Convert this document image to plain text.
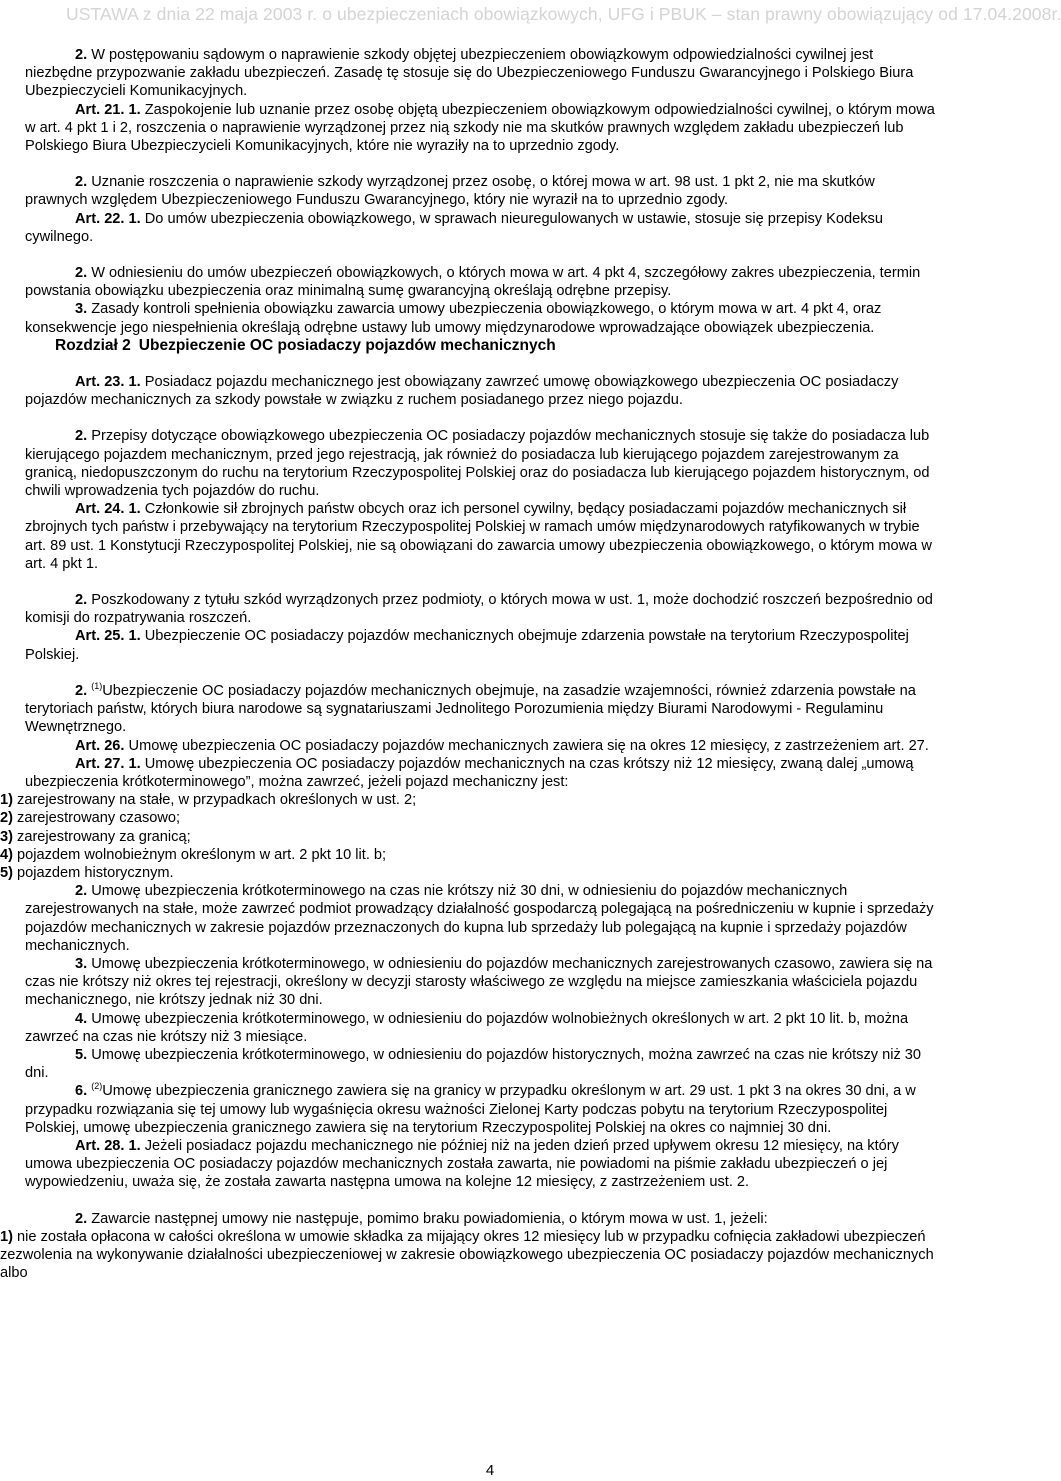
USTAWA z dnia 22 maja 2003 r. o ubezpieczeniach obowiązkowych, UFG i PBUK – stan prawny obowiązujący od 17.04.2008r.

2. W postępowaniu sądowym o naprawienie szkody objętej ubezpieczeniem obowiązkowym odpowiedzialności cywilnej jest niezbędne przypozwanie zakładu ubezpieczeń. Zasadę tę stosuje się do Ubezpieczeniowego Funduszu Gwarancyjnego i Polskiego Biura Ubezpieczycieli Komunikacyjnych.

Art. 21. 1. Zaspokojenie lub uznanie przez osobę objętą ubezpieczeniem obowiązkowym odpowiedzialności cywilnej, o którym mowa w art. 4 pkt 1 i 2, roszczenia o naprawienie wyrządzonej przez nią szkody nie ma skutków prawnych względem zakładu ubezpieczeń lub Polskiego Biura Ubezpieczycieli Komunikacyjnych, które nie wyraziły na to uprzednio zgody.

2. Uznanie roszczenia o naprawienie szkody wyrządzonej przez osobę, o której mowa w art. 98 ust. 1 pkt 2, nie ma skutków prawnych względem Ubezpieczeniowego Funduszu Gwarancyjnego, który nie wyraził na to uprzednio zgody.

Art. 22. 1. Do umów ubezpieczenia obowiązkowego, w sprawach nieuregulowanych w ustawie, stosuje się przepisy Kodeksu cywilnego.

2. W odniesieniu do umów ubezpieczeń obowiązkowych, o których mowa w art. 4 pkt 4, szczegółowy zakres ubezpieczenia, termin powstania obowiązku ubezpieczenia oraz minimalną sumę gwarancyjną określają odrębne przepisy.

3. Zasady kontroli spełnienia obowiązku zawarcia umowy ubezpieczenia obowiązkowego, o którym mowa w art. 4 pkt 4, oraz konsekwencje jego niespełnienia określają odrębne ustawy lub umowy międzynarodowe wprowadzające obowiązek ubezpieczenia.

Rozdział 2 Ubezpieczenie OC posiadaczy pojazdów mechanicznych

Art. 23. 1. Posiadacz pojazdu mechanicznego jest obowiązany zawrzeć umowę obowiązkowego ubezpieczenia OC posiadaczy pojazdów mechanicznych za szkody powstałe w związku z ruchem posiadanego przez niego pojazdu.

2. Przepisy dotyczące obowiązkowego ubezpieczenia OC posiadaczy pojazdów mechanicznych stosuje się także do posiadacza lub kierującego pojazdem mechanicznym, przed jego rejestracją, jak również do posiadacza lub kierującego pojazdem zarejestrowanym za granicą, niedopuszczonym do ruchu na terytorium Rzeczypospolitej Polskiej oraz do posiadacza lub kierującego pojazdem historycznym, od chwili wprowadzenia tych pojazdów do ruchu.

Art. 24. 1. Członkowie sił zbrojnych państw obcych oraz ich personel cywilny, będący posiadaczami pojazdów mechanicznych sił zbrojnych tych państw i przebywający na terytorium Rzeczypospolitej Polskiej w ramach umów międzynarodowych ratyfikowanych w trybie art. 89 ust. 1 Konstytucji Rzeczypospolitej Polskiej, nie są obowiązani do zawarcia umowy ubezpieczenia obowiązkowego, o którym mowa w art. 4 pkt 1.

2. Poszkodowany z tytułu szkód wyrządzonych przez podmioty, o których mowa w ust. 1, może dochodzić roszczeń bezpośrednio od komisji do rozpatrywania roszczeń.

Art. 25. 1. Ubezpieczenie OC posiadaczy pojazdów mechanicznych obejmuje zdarzenia powstałe na terytorium Rzeczypospolitej Polskiej.

2. $^{(1)}$Ubezpieczenie OC posiadaczy pojazdów mechanicznych obejmuje, na zasadzie wzajemności, również zdarzenia powstałe na terytoriach państw, których biura narodowe są sygnatariuszami Jednolitego Porozumienia między Biurami Narodowymi - Regulaminu Wewnętrznego.

Art. 26. Umowę ubezpieczenia OC posiadaczy pojazdów mechanicznych zawiera się na okres 12 miesięcy, z zastrzeżeniem art. 27.

Art. 27. 1. Umowę ubezpieczenia OC posiadaczy pojazdów mechanicznych na czas krótszy niż 12 miesięcy, zwaną dalej „umową ubezpieczenia krótkoterminowego”, można zawrzeć, jeżeli pojazd mechaniczny jest:

1) zarejestrowany na stałe, w przypadkach określonych w ust. 2;

2) zarejestrowany czasowo;

3) zarejestrowany za granicą;

4) pojazdem wolnobieżnym określonym w art. 2 pkt 10 lit. b;

5) pojazdem historycznym.

2. Umowę ubezpieczenia krótkoterminowego na czas nie krótszy niż 30 dni, w odniesieniu do pojazdów mechanicznych zarejestrowanych na stałe, może zawrzeć podmiot prowadzący działalność gospodarczą polegającą na pośredniczeniu w kupnie i sprzedaży pojazdów mechanicznych w zakresie pojazdów przeznaczonych do kupna lub sprzedaży lub polegającą na kupnie i sprzedaży pojazdów mechanicznych.

3. Umowę ubezpieczenia krótkoterminowego, w odniesieniu do pojazdów mechanicznych zarejestrowanych czasowo, zawiera się na czas nie krótszy niż okres tej rejestracji, określony w decyzji starosty właściwego ze względu na miejsce zamieszkania właściciela pojazdu mechanicznego, nie krótszy jednak niż 30 dni.

4. Umowę ubezpieczenia krótkoterminowego, w odniesieniu do pojazdów wolnobieżnych określonych w art. 2 pkt 10 lit. b, można zawrzeć na czas nie krótszy niż 3 miesiące.

5. Umowę ubezpieczenia krótkoterminowego, w odniesieniu do pojazdów historycznych, można zawrzeć na czas nie krótszy niż 30 dni.

6. $^{(2)}$Umowę ubezpieczenia granicznego zawiera się na granicy w przypadku określonym w art. 29 ust. 1 pkt 3 na okres 30 dni, a w przypadku rozwiązania się tej umowy lub wygaśnięcia okresu ważności Zielonej Karty podczas pobytu na terytorium Rzeczypospolitej Polskiej, umowę ubezpieczenia granicznego zawiera się na terytorium Rzeczypospolitej Polskiej na okres co najmniej 30 dni.

Art. 28. 1. Jeżeli posiadacz pojazdu mechanicznego nie później niż na jeden dzień przed upływem okresu 12 miesięcy, na który umowa ubezpieczenia OC posiadaczy pojazdów mechanicznych została zawarta, nie powiadomi na piśmie zakładu ubezpieczeń o jej wypowiedzeniu, uważa się, że została zawarta następna umowa na kolejne 12 miesięcy, z zastrzeżeniem ust. 2.

2. Zawarcie następnej umowy nie następuje, pomimo braku powiadomienia, o którym mowa w ust. 1, jeżeli:

1) nie została opłacona w całości określona w umowie składka za mijający okres 12 miesięcy lub w przypadku cofnięcia zakładowi ubezpieczeń zezwolenia na wykonywanie działalności ubezpieczeniowej w zakresie obowiązkowego ubezpieczenia OC posiadaczy pojazdów mechanicznych albo

4
